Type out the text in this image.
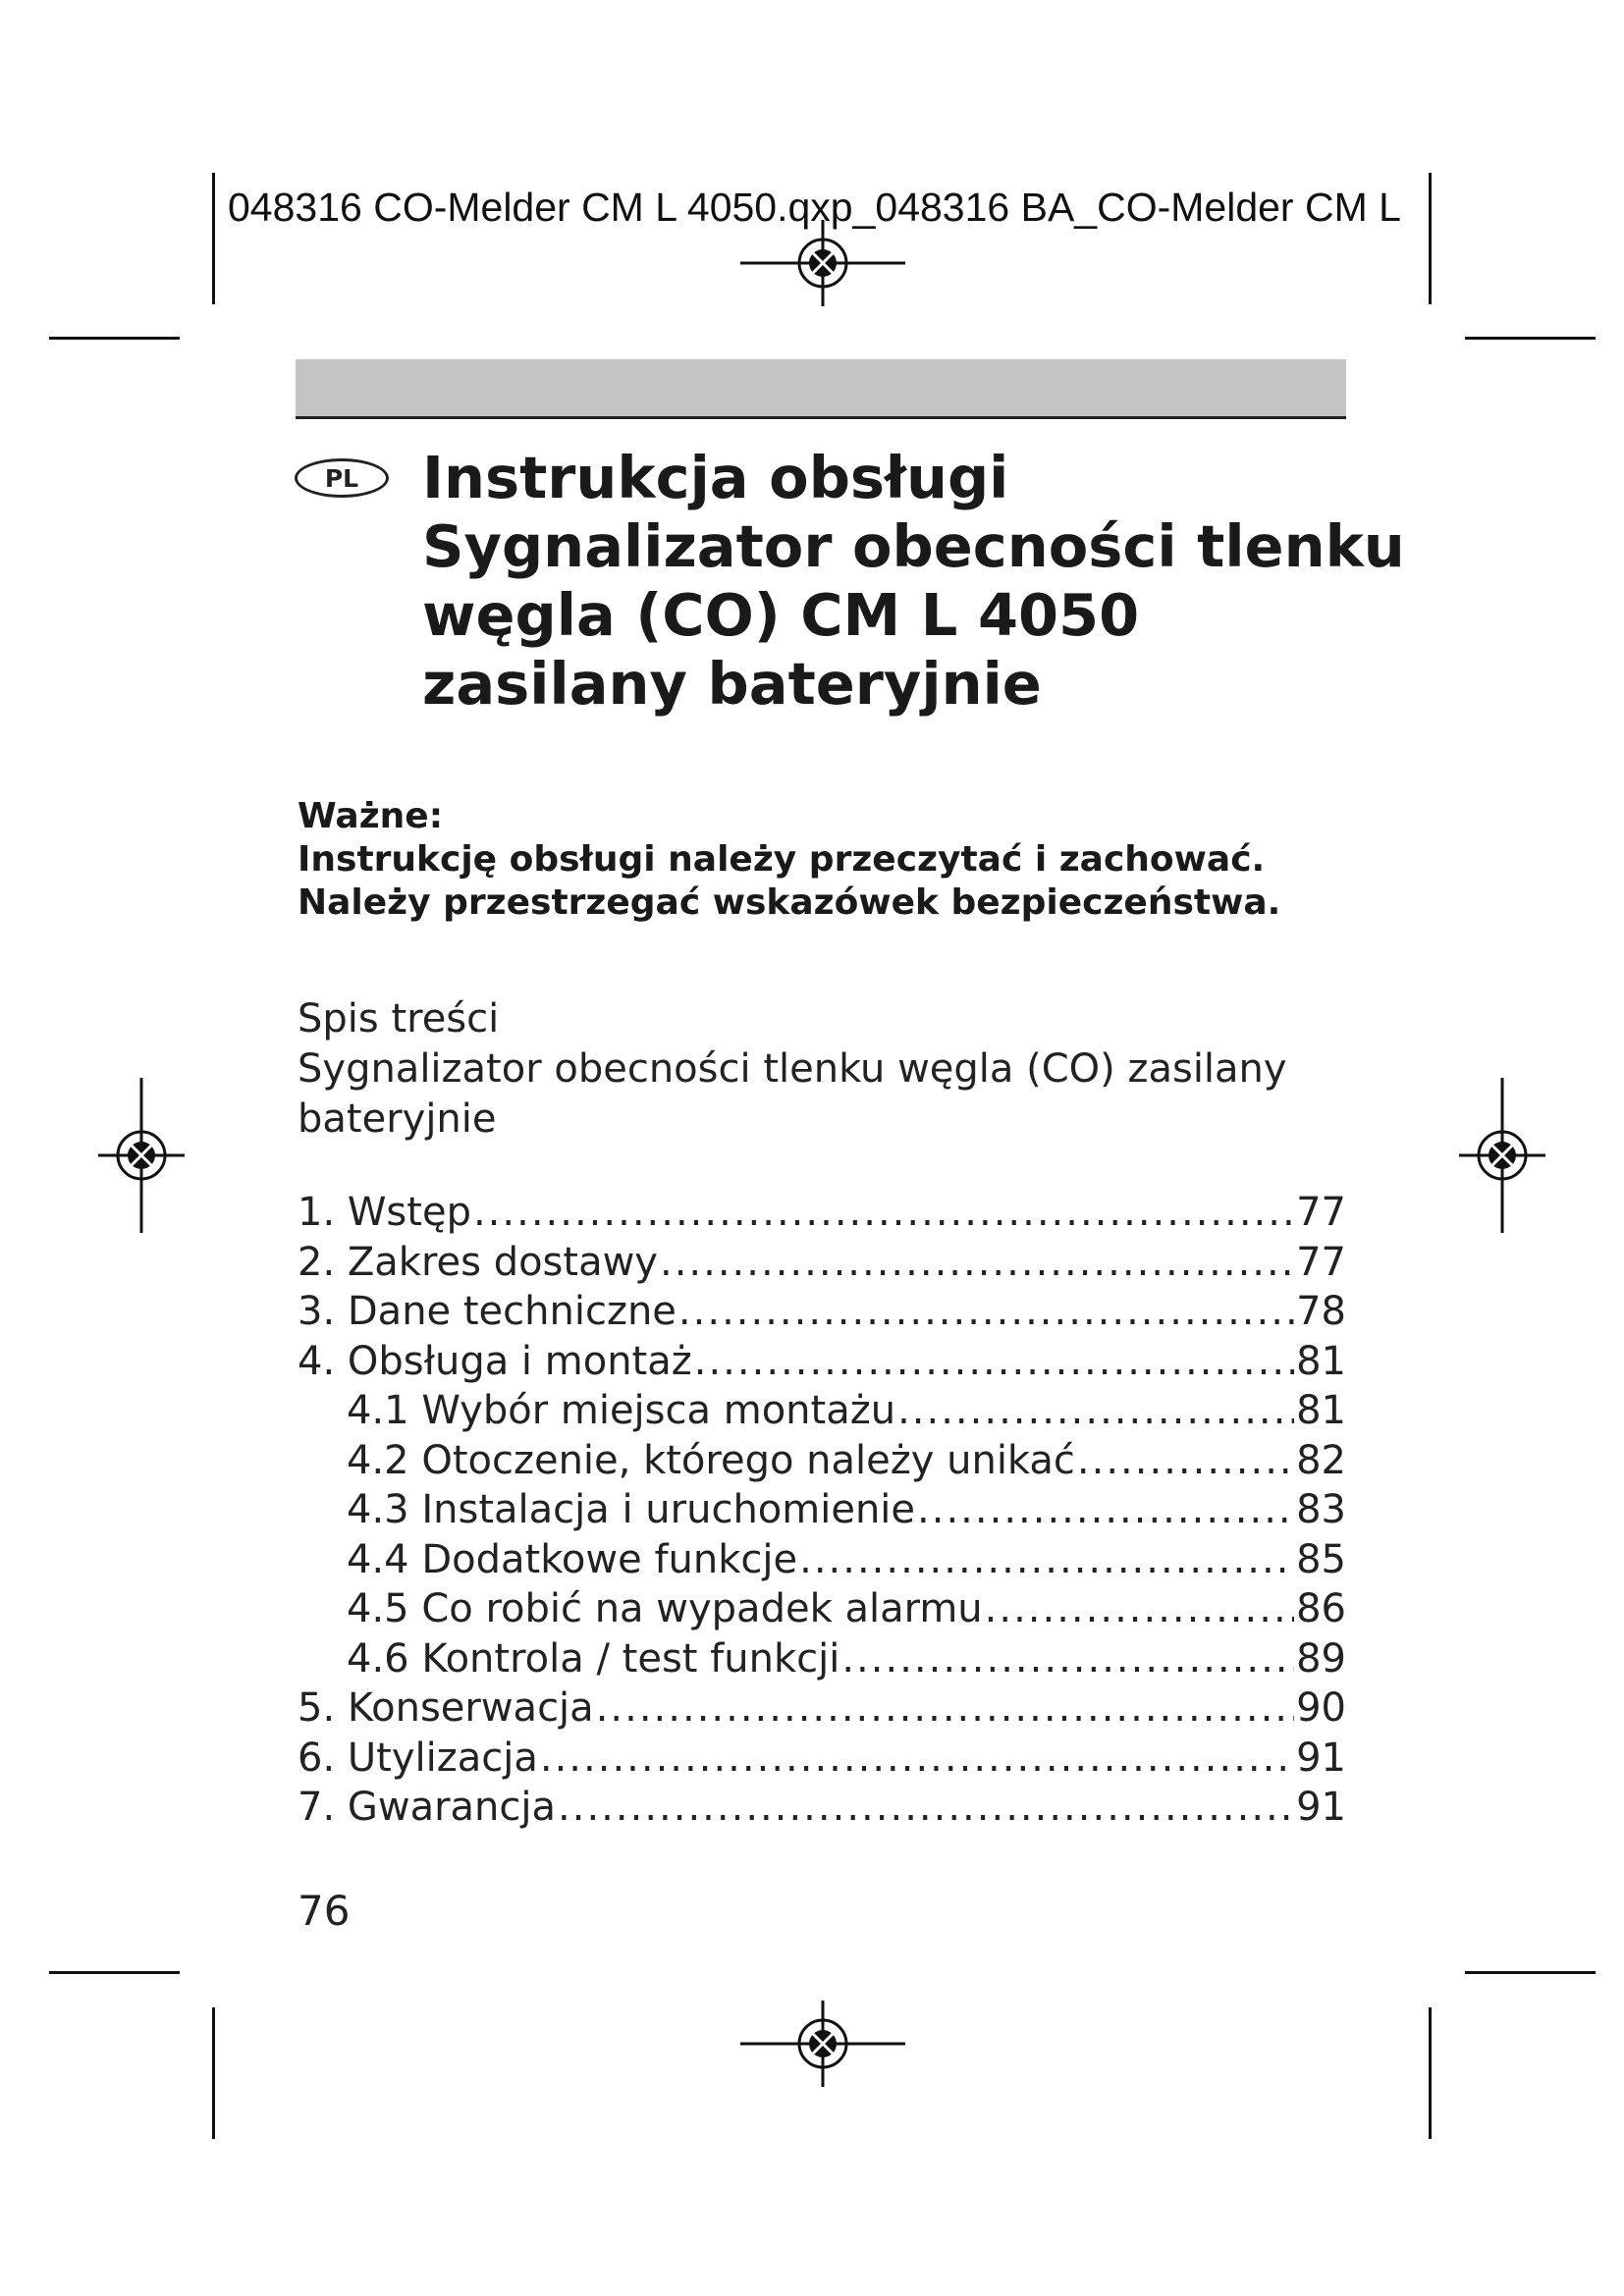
048316 CO-Melder CM L 4050.qxp_048316 BA_CO-Melder CM L
PL	Instrukcja obsługi
Sygnalizator obecności tlenku
węgla (CO) CM L 4050
zasilany bateryjnie
Ważne:
Instrukcję obsługi należy przeczytać i zachować.
Należy przestrzegać wskazówek bezpieczeństwa.
Spis treści
Sygnalizator obecności tlenku węgla (CO) zasilany
bateryjnie
1. Wstęp .....	77
2. Zakres dostawy .....	77
3. Dane techniczne .....	78
4. Obsługa i montaż .....	81
4.1 Wybór miejsca montażu .....	81
4.2 Otoczenie, którego należy unikać .....	82
4.3 Instalacja i uruchomienie .....	83
4.4 Dodatkowe funkcje .....	85
4.5 Co robić na wypadek alarmu .....	86
4.6 Kontrola / test funkcji .....	89
5. Konserwacja .....	90
6. Utylizacja .....	91
7. Gwarancja .....	91
76
